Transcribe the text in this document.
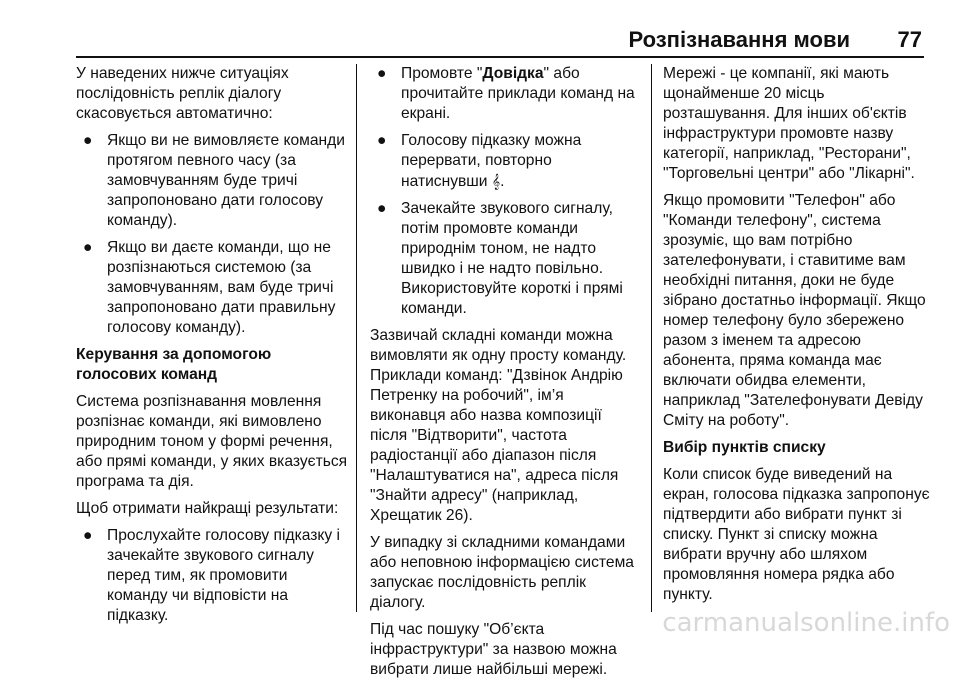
Розпізнавання мови 77

У наведених нижче ситуаціях послідовність реплік діалогу скасовується автоматично:

● Якщо ви не вимовляєте команди протягом певного часу (за замовчуванням буде тричі запропоновано дати голосову команду).
● Якщо ви даєте команди, що не розпізнаються системою (за замовчуванням, вам буде тричі запропоновано дати правильну голосову команду).

Керування за допомогою голосових команд

Система розпізнавання мовлення розпізнає команди, які вимовлено природним тоном у формі речення, або прямі команди, у яких вказується програма та дія.

Щоб отримати найкращі результати:

● Прослухайте голосову підказку і зачекайте звукового сигналу перед тим, як промовити команду чи відповісти на підказку.
● Промовте "Довідка" або прочитайте приклади команд на екрані.
● Голосову підказку можна перервати, повторно натиснувши 𝄞.
● Зачекайте звукового сигналу, потім промовте команди природнім тоном, не надто швидко і не надто повільно. Використовуйте короткі і прямі команди.

Зазвичай складні команди можна вимовляти як одну просту команду. Приклади команд: "Дзвінок Андрію Петренку на робочий", ім’я виконавця або назва композиції після "Відтворити", частота радіостанції або діапазон після "Налаштуватися на", адреса після "Знайти адресу" (наприклад, Хрещатик 26).

У випадку зі складними командами або неповною інформацією система запускає послідовність реплік діалогу.

Під час пошуку "Об’єкта інфраструктури" за назвою можна вибрати лише найбільші мережі.

Мережі - це компанії, які мають щонайменше 20 місць розташування. Для інших об'єктів інфраструктури промовте назву категорії, наприклад, "Ресторани", "Торговельні центри" або "Лікарні".

Якщо промовити "Телефон" або "Команди телефону", система зрозуміє, що вам потрібно зателефонувати, і ставитиме вам необхідні питання, доки не буде зібрано достатньо інформації. Якщо номер телефону було збережено разом з іменем та адресою абонента, пряма команда має включати обидва елементи, наприклад "Зателефонувати Девіду Сміту на роботу".

Вибір пунктів списку

Коли список буде виведений на екран, голосова підказка запропонує підтвердити або вибрати пункт зі списку. Пункт зі списку можна вибрати вручну або шляхом промовляння номера рядка або пункту.

carmanualsonline.info
